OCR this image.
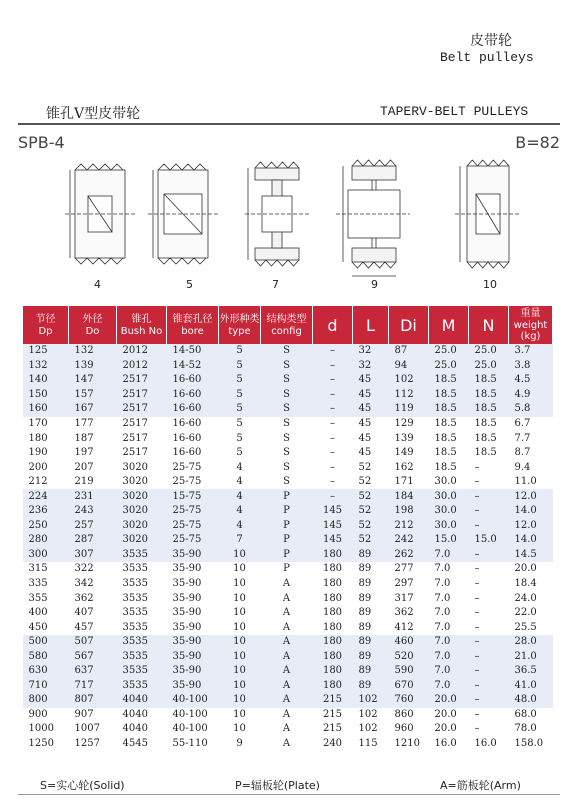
皮带轮
Belt pulleys
锥孔V型皮带轮	TAPERV-BELT PULLEYS
SPB-4	B=82
4	5	7	9	10
节径
Dp	外径
Do	锥孔
Bush No	锥套孔径
bore	外形种类
type	结构类型
config	d	L	Di	M	N	重量
weight (kg)

125	132	2012	14-50	5	S	–	32	87	25.0	25.0	3.7
132	139	2012	14-52	5	S	–	32	94	25.0	25.0	3.8
140	147	2517	16-60	5	S	–	45	102	18.5	18.5	4.5
150	157	2517	16-60	5	S	–	45	112	18.5	18.5	4.9
160	167	2517	16-60	5	S	–	45	119	18.5	18.5	5.8
170	177	2517	16-60	5	S	–	45	129	18.5	18.5	6.7
180	187	2517	16-60	5	S	–	45	139	18.5	18.5	7.7
190	197	2517	16-60	5	S	–	45	149	18.5	18.5	8.7
200	207	3020	25-75	4	S	–	52	162	18.5	–	9.4
212	219	3020	25-75	4	S	–	52	171	30.0	–	11.0
224	231	3020	15-75	4	P	–	52	184	30.0	–	12.0
236	243	3020	25-75	4	P	145	52	198	30.0	–	14.0
250	257	3020	25-75	4	P	145	52	212	30.0	–	12.0
280	287	3020	25-75	7	P	145	52	242	15.0	15.0	14.0
300	307	3535	35-90	10	P	180	89	262	7.0	–	14.5
315	322	3535	35-90	10	P	180	89	277	7.0	–	20.0
335	342	3535	35-90	10	A	180	89	297	7.0	–	18.4
355	362	3535	35-90	10	A	180	89	317	7.0	–	24.0
400	407	3535	35-90	10	A	180	89	362	7.0	–	22.0
450	457	3535	35-90	10	A	180	89	412	7.0	–	25.5
500	507	3535	35-90	10	A	180	89	460	7.0	–	28.0
580	567	3535	35-90	10	A	180	89	520	7.0	–	21.0
630	637	3535	35-90	10	A	180	89	590	7.0	–	36.5
710	717	3535	35-90	10	A	180	89	670	7.0	–	41.0
800	807	4040	40-100	10	A	215	102	760	20.0	–	48.0
900	907	4040	40-100	10	A	215	102	860	20.0	–	68.0
1000	1007	4040	40-100	10	A	215	102	960	20.0	–	78.0
1250	1257	4545	55-110	9	A	240	115	1210	16.0	16.0	158.0
S=实心轮(Solid)	P=辐板轮(Plate)	A=筋板轮(Arm)
